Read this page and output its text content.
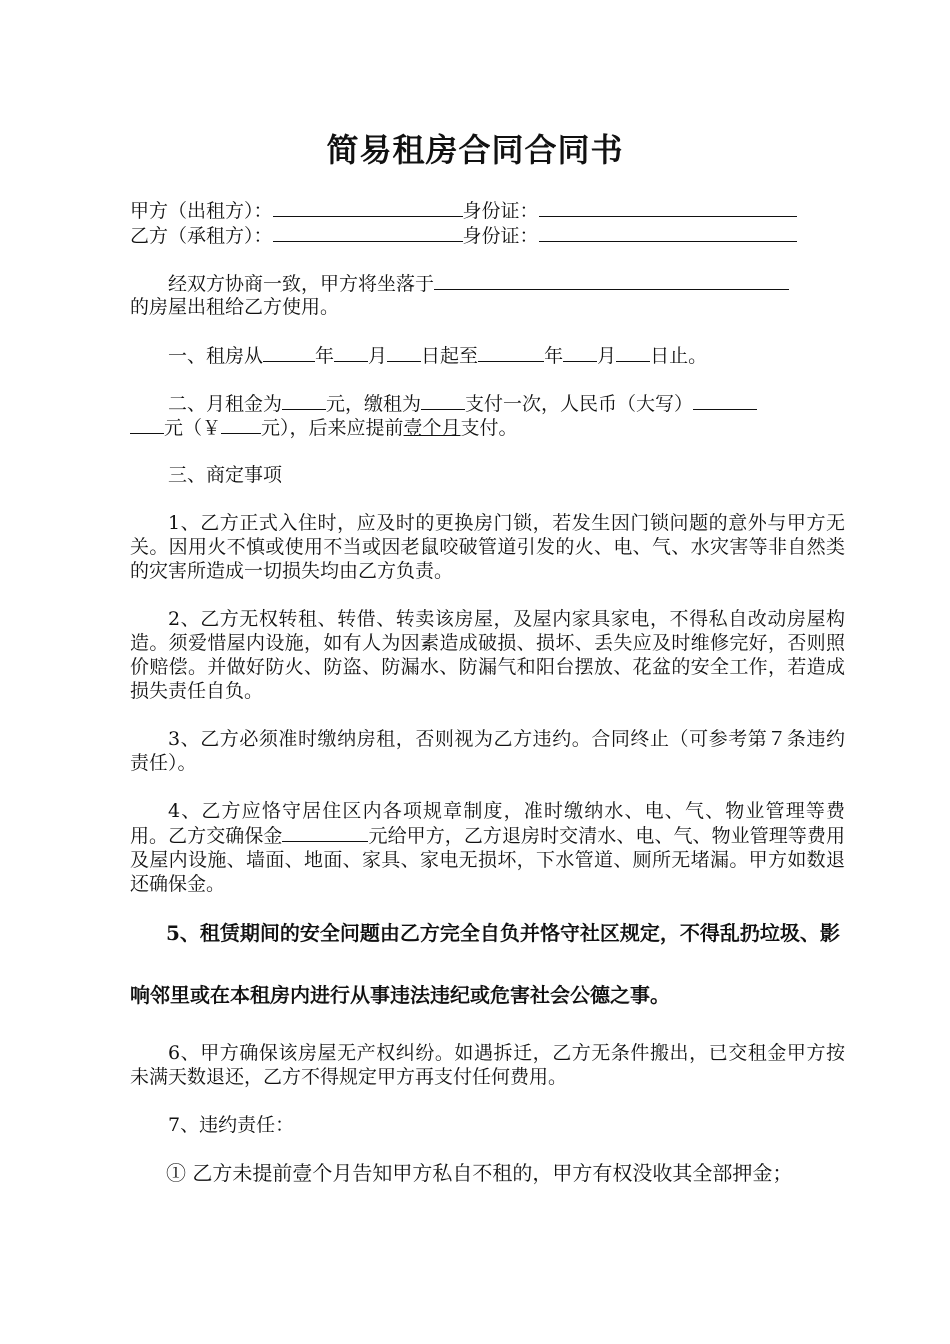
简易租房合同合同书
甲方（出租方）：	身份证：
乙方（承租方）：	身份证：
经双方协商一致，甲方将坐落于
的房屋出租给乙方使用。
一、租房从	年 月 日起至	年 月 日止。
二、月租金为 元，缴租为 支付一次，人民币（大写）
元（￥ 元），后来应提前壹个月支付。
三、商定事项
1、乙方正式入住时，应及时的更换房门锁，若发生因门锁问题的意外与甲方无关。因用火不慎或使用不当或因老鼠咬破管道引发的火、电、气、水灾害等非自然类的灾害所造成一切损失均由乙方负责。
2、乙方无权转租、转借、转卖该房屋，及屋内家具家电，不得私自改动房屋构造。须爱惜屋内设施，如有人为因素造成破损、损坏、丢失应及时维修完好，否则照价赔偿。并做好防火、防盗、防漏水、防漏气和阳台摆放、花盆的安全工作，若造成损失责任自负。
3、乙方必须准时缴纳房租，否则视为乙方违约。合同终止（可参考第７条违约责任）。
4、乙方应恪守居住区内各项规章制度，准时缴纳水、电、气、物业管理等费用。乙方交确保金	元给甲方，乙方退房时交清水、电、气、物业管理等费用及屋内设施、墙面、地面、家具、家电无损坏，下水管道、厕所无堵漏。甲方如数退还确保金。
5、租赁期间的安全问题由乙方完全自负并恪守社区规定，不得乱扔垃圾、影响邻里或在本租房内进行从事违法违纪或危害社会公德之事。
6、甲方确保该房屋无产权纠纷。如遇拆迁，乙方无条件搬出，已交租金甲方按未满天数退还，乙方不得规定甲方再支付任何费用。
7、违约责任：
① 乙方未提前壹个月告知甲方私自不租的，甲方有权没收其全部押金；
